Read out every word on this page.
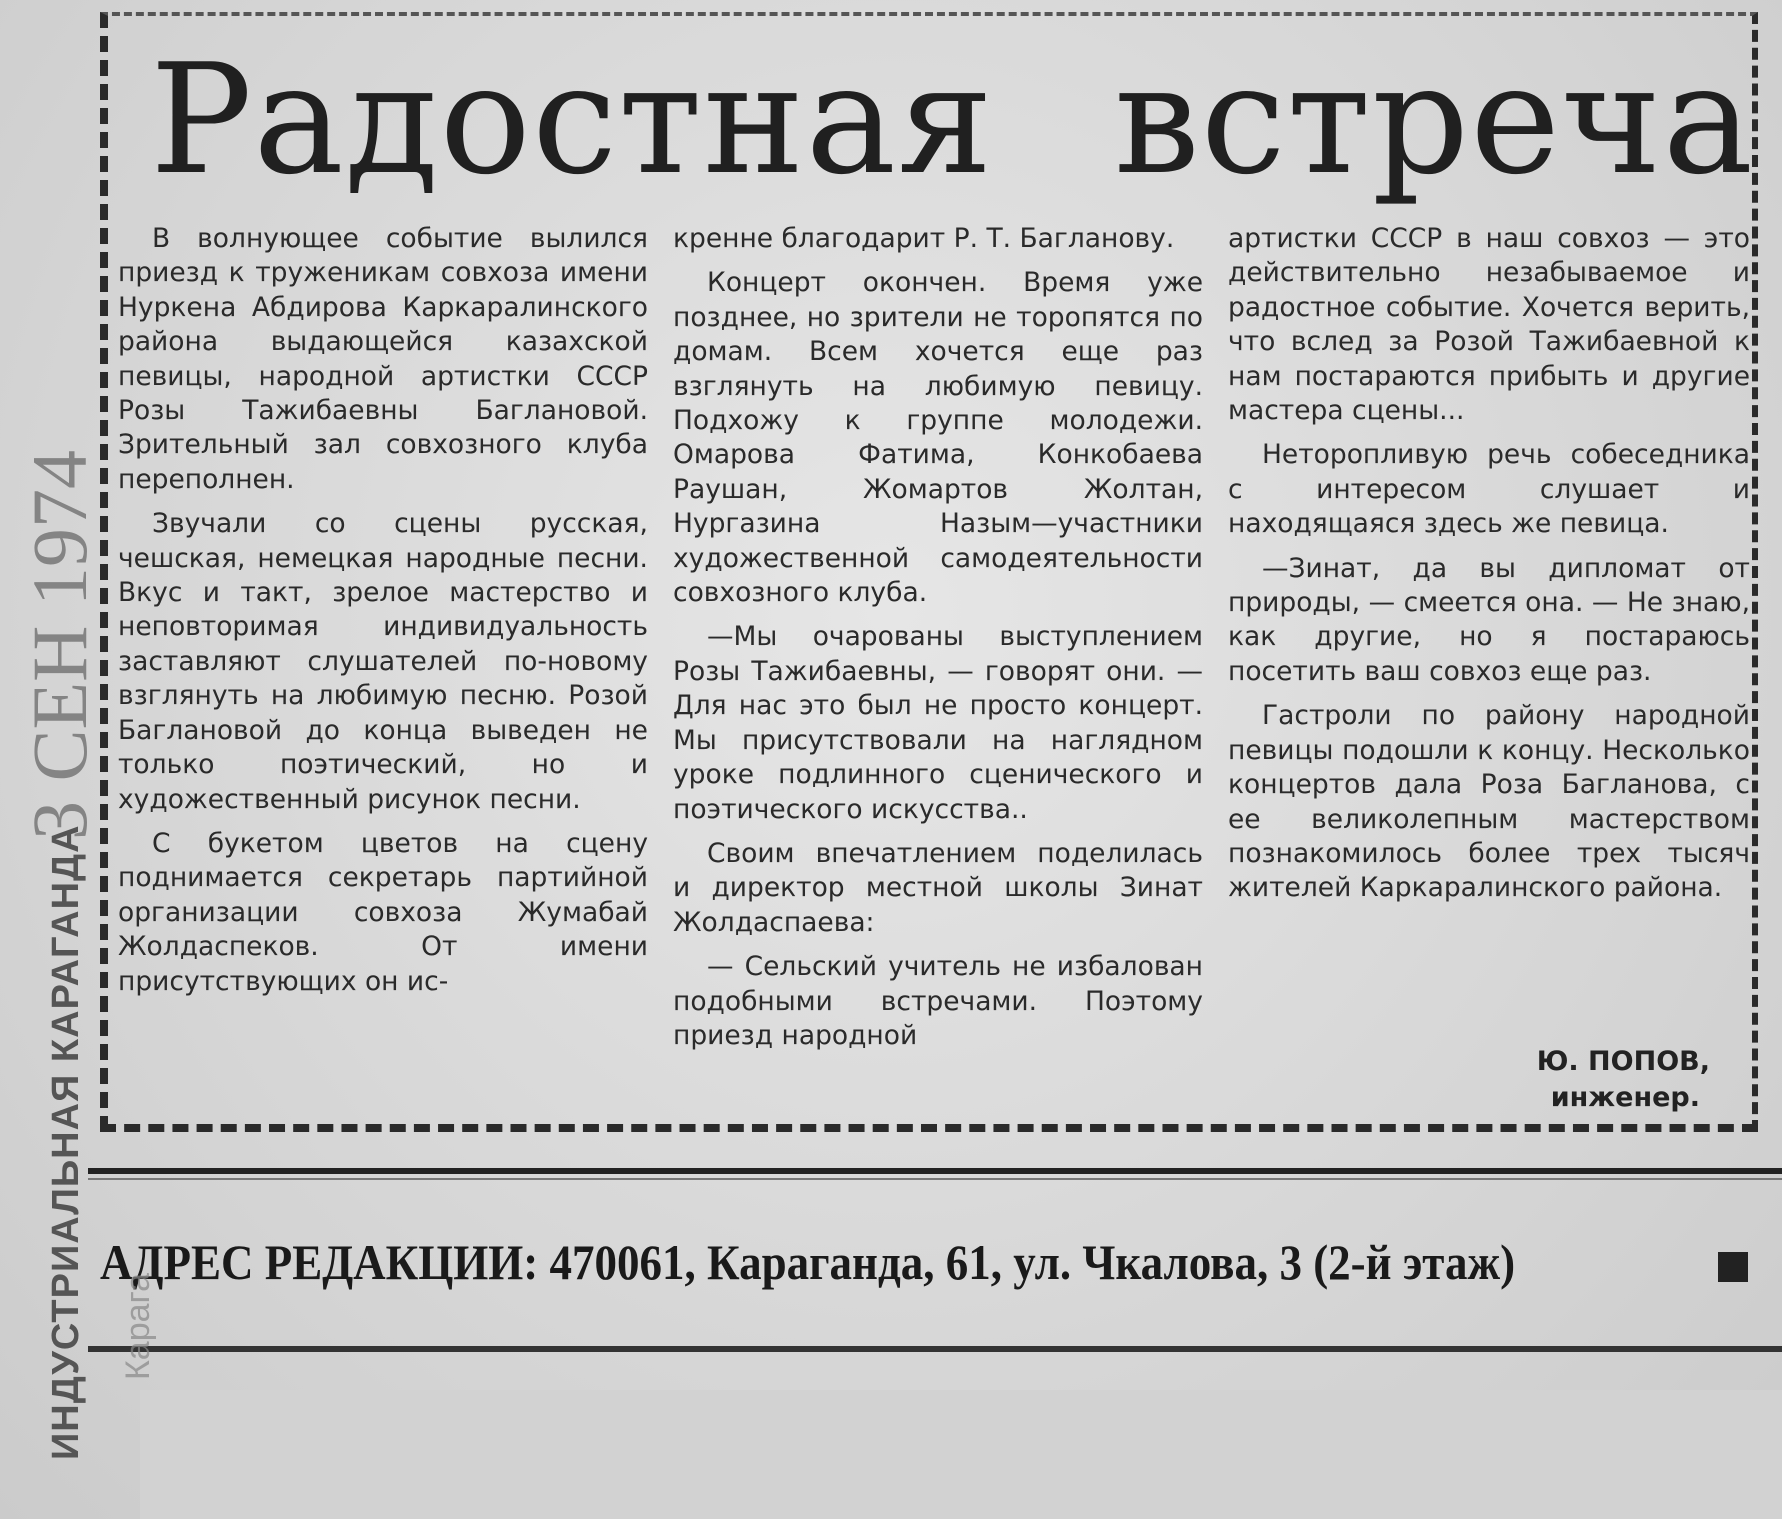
Радостная встреча

В волнующее событие вылился приезд к труженикам совхоза имени Нуркена Абдирова Каркаралинского района выдающейся казахской певицы, народной артистки СССР Розы Тажибаевны Баглановой. Зрительный зал совхозного клуба переполнен.

Звучали со сцены русская, чешская, немецкая народные песни. Вкус и такт, зрелое мастерство и неповторимая индивидуальность заставляют слушателей по-новому взглянуть на любимую песню. Розой Баглановой до конца выведен не только поэтический, но и художественный рисунок песни.

С букетом цветов на сцену поднимается секретарь партийной организации совхоза Жумабай Жолдаспеков. От имени присутствующих он ис-

кренне благодарит Р. Т. Багланову.

Концерт окончен. Время уже позднее, но зрители не торопятся по домам. Всем хочется еще раз взглянуть на любимую певицу. Подхожу к группе молодежи. Омарова Фатима, Конкобаева Раушан, Жомартов Жолтан, Нургазина Назым—участники художественной самодеятельности совхозного клуба.

—Мы очарованы выступлением Розы Тажибаевны, — говорят они. — Для нас это был не просто концерт. Мы присутствовали на наглядном уроке подлинного сценического и поэтического искусства..

Своим впечатлением поделилась и директор местной школы Зинат Жолдаспаева:

— Сельский учитель не избалован подобными встречами. Поэтому приезд народной

артистки СССР в наш совхоз — это действительно незабываемое и радостное событие. Хочется верить, что вслед за Розой Тажибаевной к нам постараются прибыть и другие мастера сцены...

Неторопливую речь собеседника с интересом слушает и находящаяся здесь же певица.

—Зинат, да вы дипломат от природы, — смеется она. — Не знаю, как другие, но я постараюсь посетить ваш совхоз еще раз.

Гастроли по району народной певицы подошли к концу. Несколько концертов дала Роза Багланова, с ее великолепным мастерством познакомилось более трех тысяч жителей Каркаралинского района.

Ю. ПОПОВ,
инженер.
АДРЕС РЕДАКЦИИ: 470061, Караганда, 61, ул. Чкалова, 3 (2-й этаж)
3 СЕН 1974
ИНДУСТРИАЛЬНАЯ КАРАГАНДА Карага
